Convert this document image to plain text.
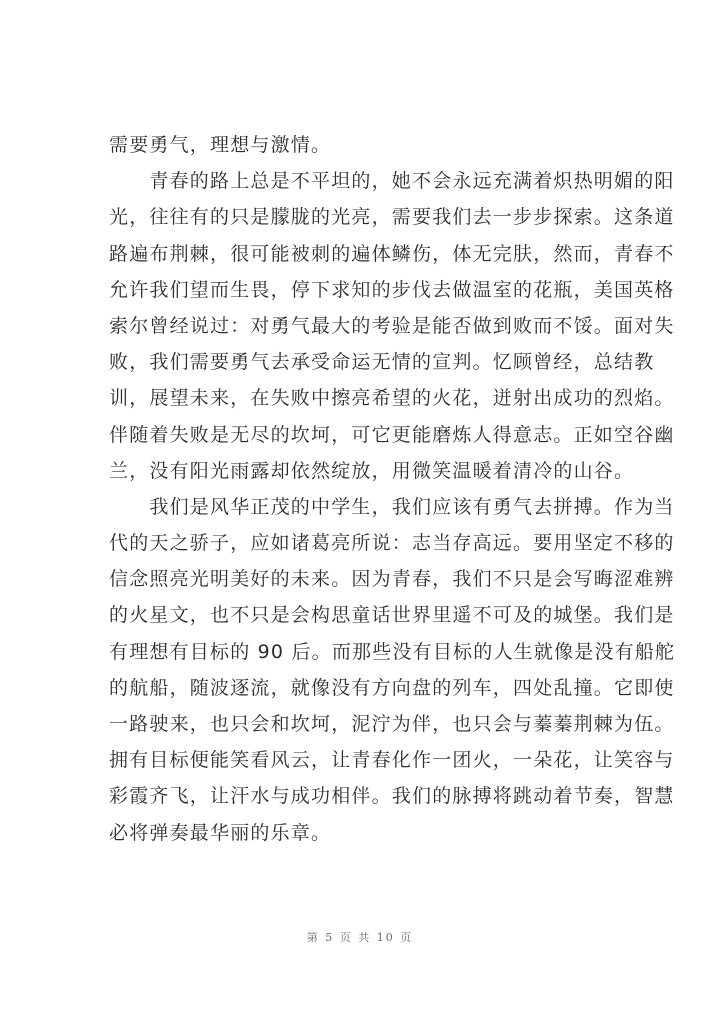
需要勇气，理想与激情。
　　青春的路上总是不平坦的，她不会永远充满着炽热明媚的阳
光，往往有的只是朦胧的光亮，需要我们去一步步探索。这条道
路遍布荆棘，很可能被刺的遍体鳞伤，体无完肤，然而，青春不
允许我们望而生畏，停下求知的步伐去做温室的花瓶，美国英格
索尔曾经说过：对勇气最大的考验是能否做到败而不馁。面对失
败，我们需要勇气去承受命运无情的宣判。忆顾曾经，总结教
训，展望未来，在失败中擦亮希望的火花，迸射出成功的烈焰。
伴随着失败是无尽的坎坷，可它更能磨炼人得意志。正如空谷幽
兰，没有阳光雨露却依然绽放，用微笑温暖着清冷的山谷。
　　我们是风华正茂的中学生，我们应该有勇气去拼搏。作为当
代的天之骄子，应如诸葛亮所说：志当存高远。要用坚定不移的
信念照亮光明美好的未来。因为青春，我们不只是会写晦涩难辨
的火星文，也不只是会构思童话世界里遥不可及的城堡。我们是
有理想有目标的 90 后。而那些没有目标的人生就像是没有船舵
的航船，随波逐流，就像没有方向盘的列车，四处乱撞。它即使
一路驶来，也只会和坎坷，泥泞为伴，也只会与蓁蓁荆棘为伍。
拥有目标便能笑看风云，让青春化作一团火，一朵花，让笑容与
彩霞齐飞，让汗水与成功相伴。我们的脉搏将跳动着节奏，智慧
必将弹奏最华丽的乐章。
第 5 页 共 10 页
